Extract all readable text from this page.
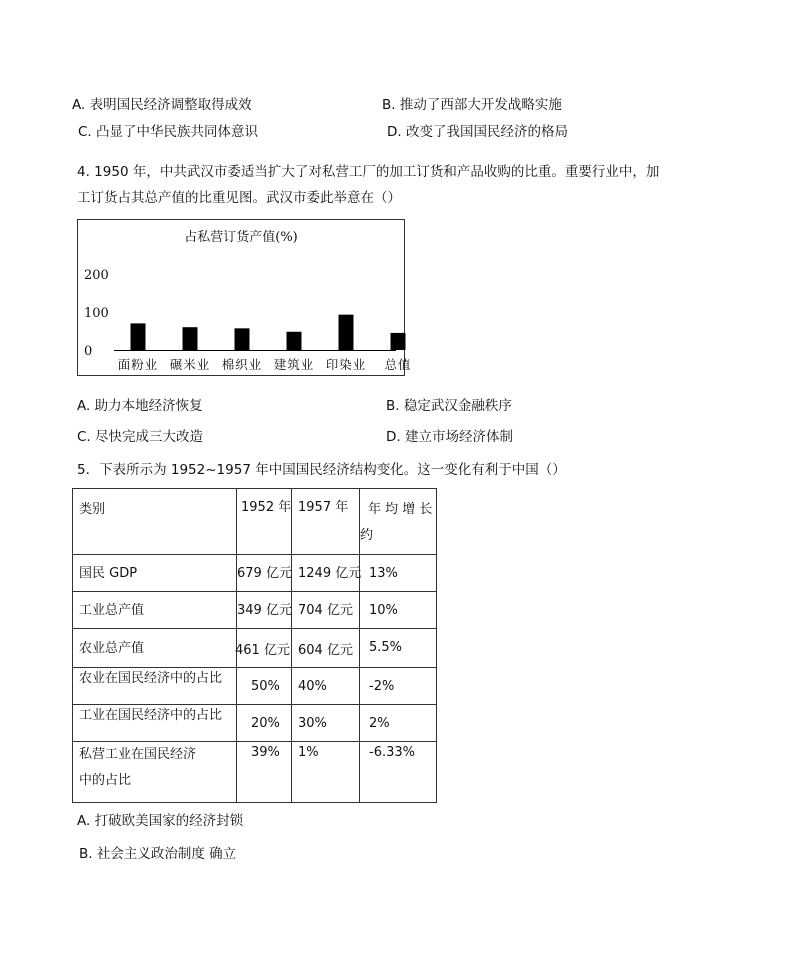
A. 表明国民经济调整取得成效	B. 推动了西部大开发战略实施
C. 凸显了中华民族共同体意识	D. 改变了我国国民经济的格局
4. 1950 年，中共武汉市委适当扩大了对私营工厂的加工订货和产品收购的比重。重要行业中，加
工订货占其总产值的比重见图。武汉市委此举意在（）
占私营订货产值(%)
0
100
200
面粉业 碾米业 棉织业 建筑业 印染业 总值
A. 助力本地经济恢复	B. 稳定武汉金融秩序
C. 尽快完成三大改造	D. 建立市场经济体制
5．下表所示为 1952~1957 年中国国民经济结构变化。这一变化有利于中国（）
类别	1952 年	1957 年	年 均 增 长
约

国民 GDP	679 亿元	1249 亿元	13%

工业总产值	349 亿元	704 亿元	10%

农业总产值	461 亿元	604 亿元	5.5%

农业在国民经济中的占比	50%	40%	-2%

工业在国民经济中的占比	20%	30%	2%

私营工业在国民经济
中的占比	39%	1%	-6.33%
A. 打破欧美国家的经济封锁
B. 社会主义政治制度 确立
